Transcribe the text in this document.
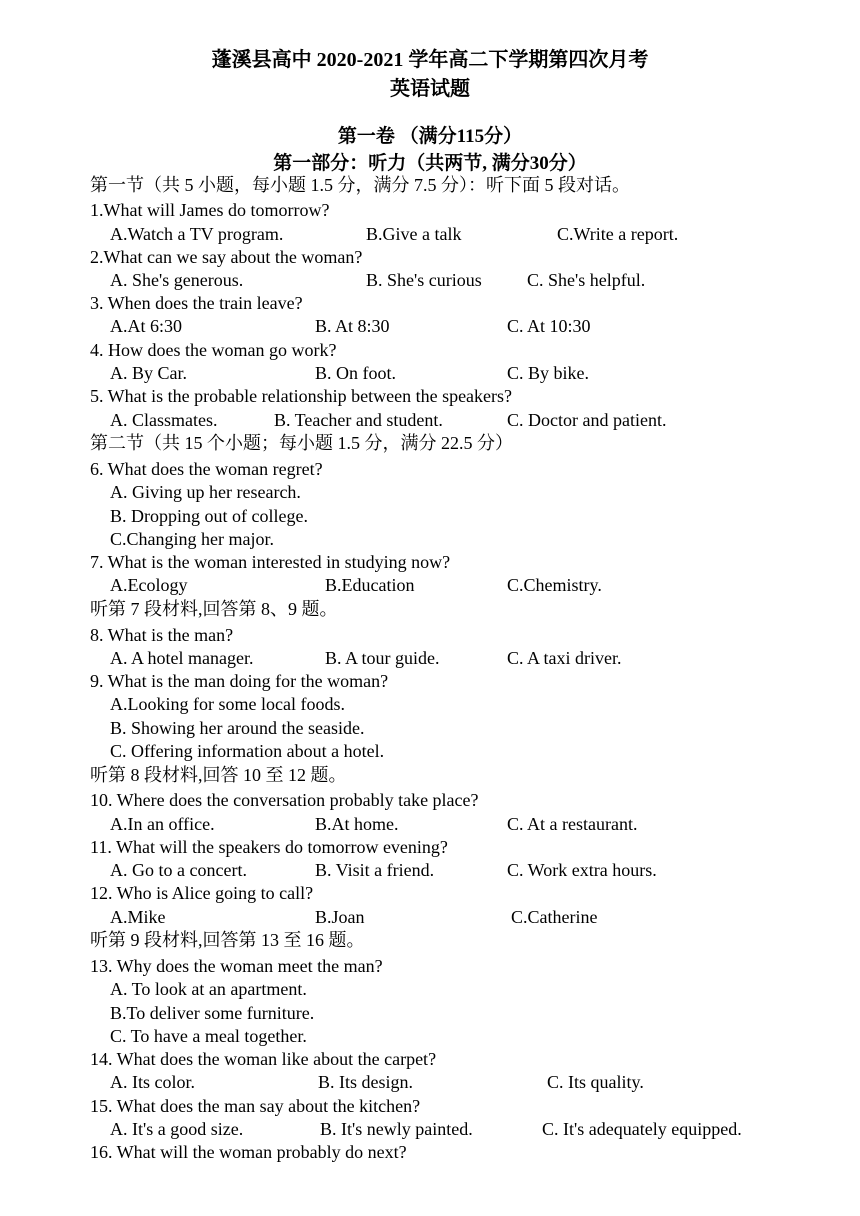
蓬溪县高中 2020-2021 学年高二下学期第四次月考
英语试题
第一卷 （满分115分）
第一部分：听力（共两节, 满分30分）
第一节（共 5 小题，每小题 1.5 分，满分 7.5 分）：听下面 5 段对话。
1.What will James do tomorrow?
A.Watch a TV program.	B.Give a talk	C.Write a report.
2.What can we say about the woman?
A. She's generous.	B. She's curious	C. She's helpful.
3. When does the train leave?
A.At 6:30	B. At 8:30	C. At 10:30
4. How does the woman go work?
A. By Car.	B. On foot.	C. By bike.
5. What is the probable relationship between the speakers?
A. Classmates.	B. Teacher and student.	C. Doctor and patient.
第二节（共 15 个小题；每小题 1.5 分，满分 22.5 分）
6. What does the woman regret?
A. Giving up her research.
B. Dropping out of college.
C.Changing her major.
7. What is the woman interested in studying now?
A.Ecology	B.Education	C.Chemistry.
听第 7 段材料,回答第 8、9 题。
8. What is the man?
A. A hotel manager.	B. A tour guide.	C. A taxi driver.
9. What is the man doing for the woman?
A.Looking for some local foods.
B. Showing her around the seaside.
C. Offering information about a hotel.
听第 8 段材料,回答 10 至 12 题。
10. Where does the conversation probably take place?
A.In an office.	B.At home.	C. At a restaurant.
11. What will the speakers do tomorrow evening?
A. Go to a concert.	B. Visit a friend.	C. Work extra hours.
12. Who is Alice going to call?
A.Mike	B.Joan	C.Catherine
听第 9 段材料,回答第 13 至 16 题。
13. Why does the woman meet the man?
A. To look at an apartment.
B.To deliver some furniture.
C. To have a meal together.
14. What does the woman like about the carpet?
A. Its color.	B. Its design.	C. Its quality.
15. What does the man say about the kitchen?
A. It's a good size.	B. It's newly painted.	C. It's adequately equipped.
16. What will the woman probably do next?
